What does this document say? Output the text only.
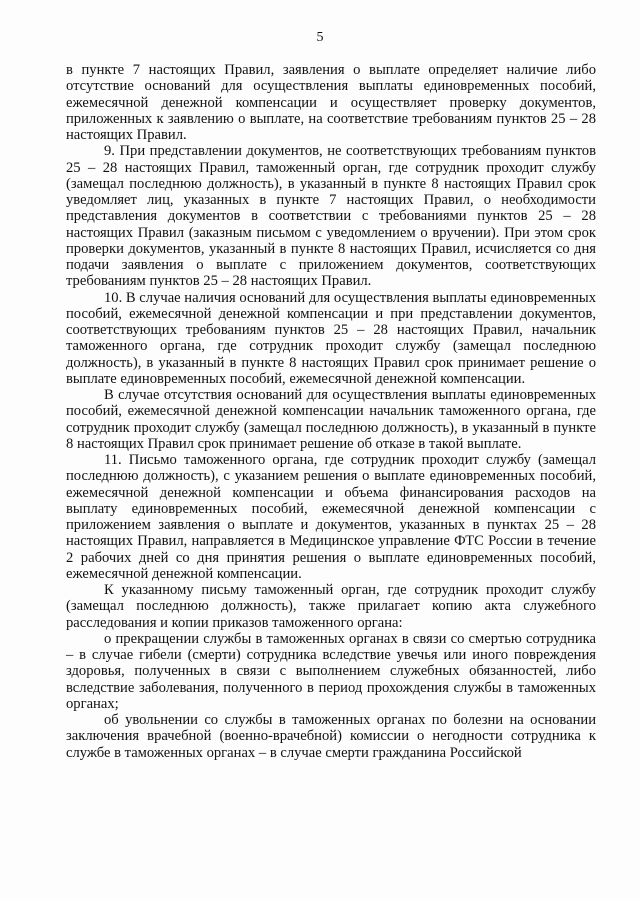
5

в пункте 7 настоящих Правил, заявления о выплате определяет наличие либо отсутствие оснований для осуществления выплаты единовременных пособий, ежемесячной денежной компенсации и осуществляет проверку документов, приложенных к заявлению о выплате, на соответствие требованиям пунктов 25 – 28 настоящих Правил.

9. При представлении документов, не соответствующих требованиям пунктов 25 – 28 настоящих Правил, таможенный орган, где сотрудник проходит службу (замещал последнюю должность), в указанный в пункте 8 настоящих Правил срок уведомляет лиц, указанных в пункте 7 настоящих Правил, о необходимости представления документов в соответствии с требованиями пунктов 25 – 28 настоящих Правил (заказным письмом с уведомлением о вручении). При этом срок проверки документов, указанный в пункте 8 настоящих Правил, исчисляется со дня подачи заявления о выплате с приложением документов, соответствующих требованиям пунктов 25 – 28 настоящих Правил.

10. В случае наличия оснований для осуществления выплаты единовременных пособий, ежемесячной денежной компенсации и при представлении документов, соответствующих требованиям пунктов 25 – 28 настоящих Правил, начальник таможенного органа, где сотрудник проходит службу (замещал последнюю должность), в указанный в пункте 8 настоящих Правил срок принимает решение о выплате единовременных пособий, ежемесячной денежной компенсации.

В случае отсутствия оснований для осуществления выплаты единовременных пособий, ежемесячной денежной компенсации начальник таможенного органа, где сотрудник проходит службу (замещал последнюю должность), в указанный в пункте 8 настоящих Правил срок принимает решение об отказе в такой выплате.

11. Письмо таможенного органа, где сотрудник проходит службу (замещал последнюю должность), с указанием решения о выплате единовременных пособий, ежемесячной денежной компенсации и объема финансирования расходов на выплату единовременных пособий, ежемесячной денежной компенсации с приложением заявления о выплате и документов, указанных в пунктах 25 – 28 настоящих Правил, направляется в Медицинское управление ФТС России в течение 2 рабочих дней со дня принятия решения о выплате единовременных пособий, ежемесячной денежной компенсации.

К указанному письму таможенный орган, где сотрудник проходит службу (замещал последнюю должность), также прилагает копию акта служебного расследования и копии приказов таможенного органа:

о прекращении службы в таможенных органах в связи со смертью сотрудника – в случае гибели (смерти) сотрудника вследствие увечья или иного повреждения здоровья, полученных в связи с выполнением служебных обязанностей, либо вследствие заболевания, полученного в период прохождения службы в таможенных органах;

об увольнении со службы в таможенных органах по болезни на основании заключения врачебной (военно-врачебной) комиссии о негодности сотрудника к службе в таможенных органах – в случае смерти гражданина Российской
